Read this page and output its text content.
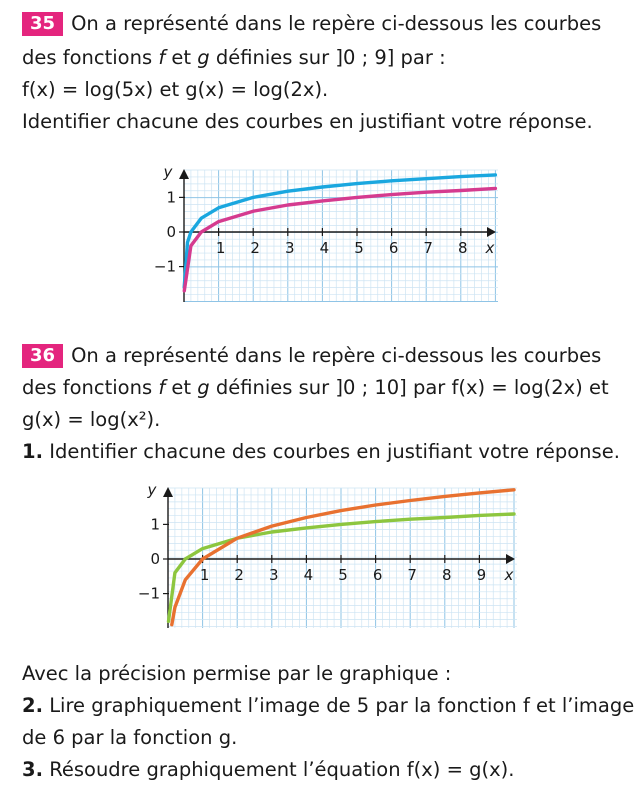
35 On a représenté dans le repère ci-dessous les courbes

des fonctions f et g définies sur ]0 ; 9] par :

f(x) = log(5x) et g(x) = log(2x).

Identifier chacune des courbes en justifiant votre réponse.

1 2 3 4 5 6 7 8
−1
0
1
x
y

36 On a représenté dans le repère ci-dessous les courbes

des fonctions f et g définies sur ]0 ; 10] par f(x) = log(2x) et

g(x) = log(x²).

1. Identifier chacune des courbes en justifiant votre réponse.

1 2 3 4 5 6 7 8 9
−1
0
1
x
y

Avec la précision permise par le graphique :

2. Lire graphiquement l’image de 5 par la fonction f et l’image

de 6 par la fonction g.

3. Résoudre graphiquement l’équation f(x) = g(x).
